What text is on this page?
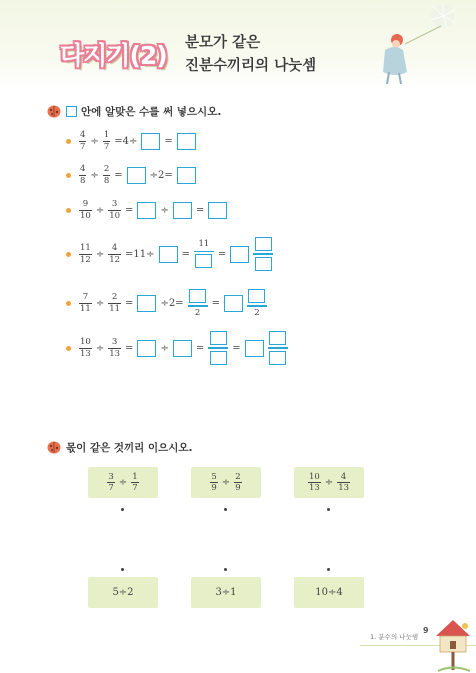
다지기(2) 분모가 같은
진분수끼리의 나눗셈
안에 알맞은 수를 써 넣으시오.
$\frac{4}{7} \div \frac{1}{7} =4\div$	=
$\frac{4}{8} \div \frac{2}{8}$ =	÷2=
$\frac{9}{10} \div \frac{3}{10}$ =	÷	=
$\frac{11}{12} \div \frac{4}{12} =11\div$	=
11
=
$\frac{7}{11} \div \frac{2}{11}$ =	÷2=
2
=
2
$\frac{10}{13} \div \frac{3}{13}$ =	÷	=	=
몫이 같은 것끼리 이으시오.
$\frac{3}{7} \div \frac{1}{7}$	$\frac{5}{9} \div \frac{2}{9}$	$\frac{10}{13} \div \frac{4}{13}$
5÷2	3÷1	10÷4
1. 분수의 나눗셈
9
